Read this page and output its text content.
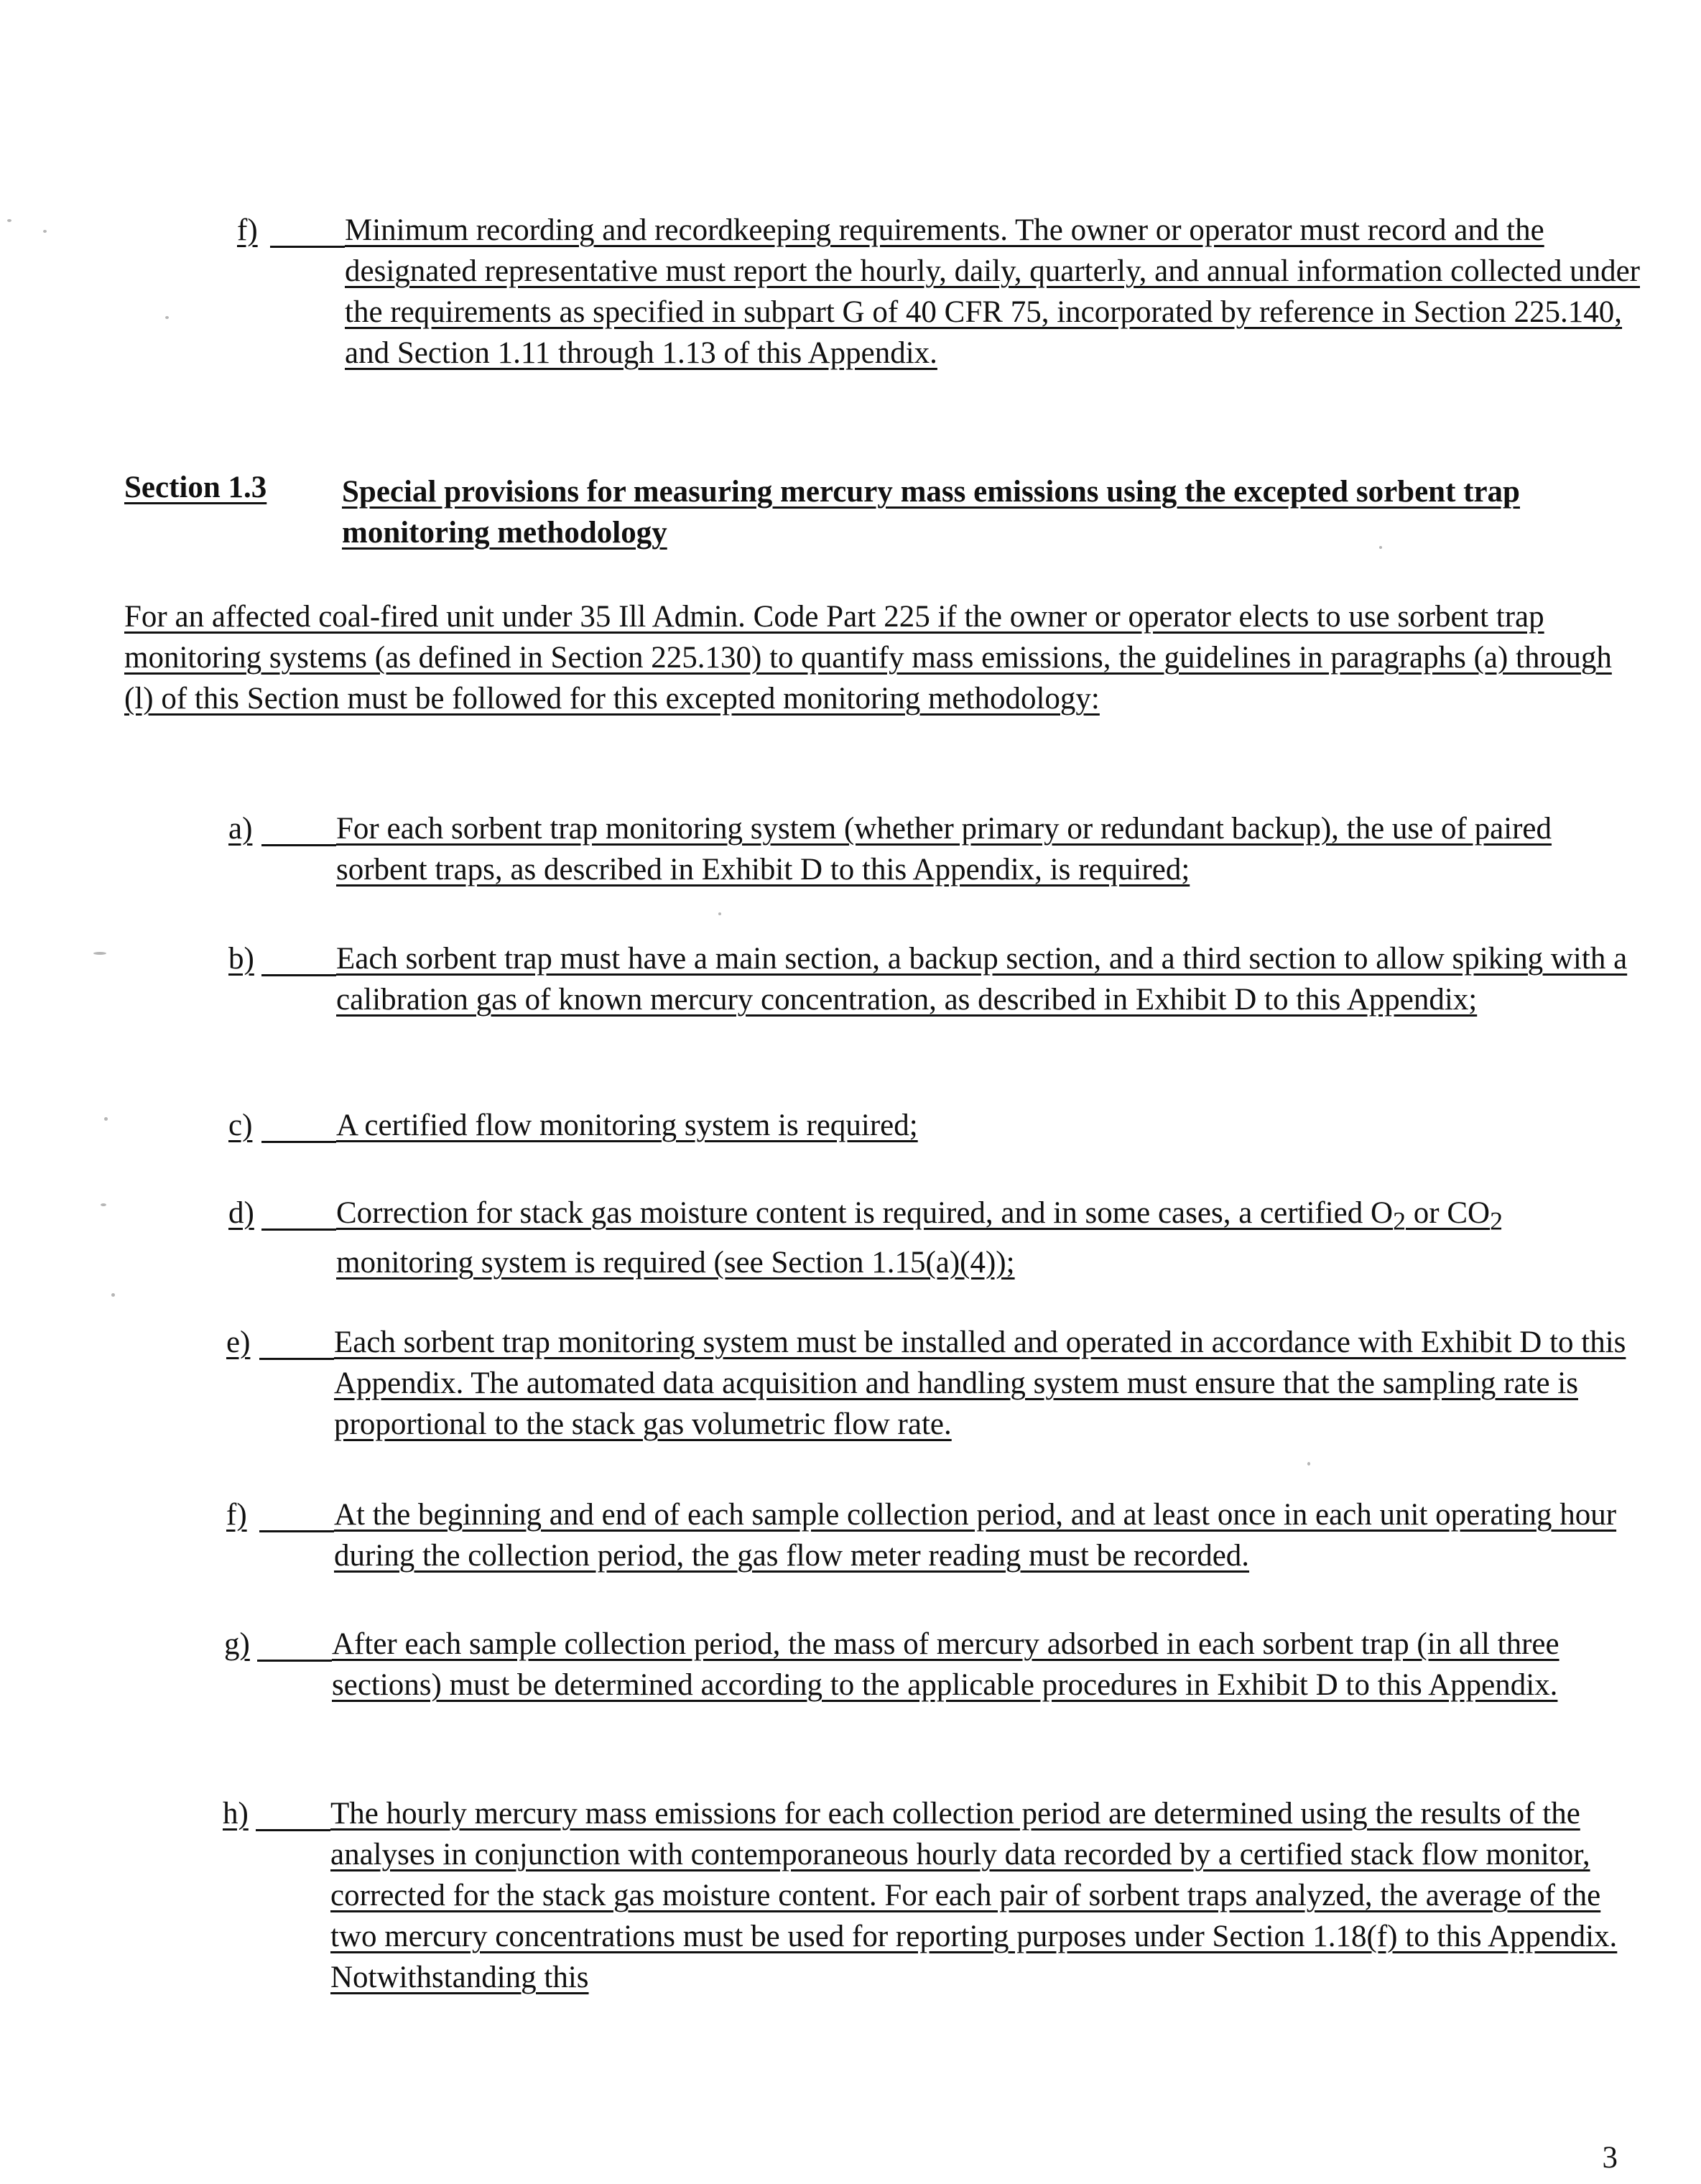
f)	Minimum recording and recordkeeping requirements. The owner or operator must record and the designated representative must report the hourly, daily, quarterly, and annual information collected under the requirements as specified in subpart G of 40 CFR 75, incorporated by reference in Section 225.140, and Section 1.11 through 1.13 of this Appendix.
Section 1.3 Special provisions for measuring mercury mass emissions using the excepted sorbent trap monitoring methodology
For an affected coal-fired unit under 35 Ill Admin. Code Part 225 if the owner or operator elects to use sorbent trap monitoring systems (as defined in Section 225.130) to quantify mass emissions, the guidelines in paragraphs (a) through (l) of this Section must be followed for this excepted monitoring methodology:
a)	For each sorbent trap monitoring system (whether primary or redundant backup), the use of paired sorbent traps, as described in Exhibit D to this Appendix, is required;
b)	Each sorbent trap must have a main section, a backup section, and a third section to allow spiking with a calibration gas of known mercury concentration, as described in Exhibit D to this Appendix;
c)	A certified flow monitoring system is required;
d)	Correction for stack gas moisture content is required, and in some cases, a certified $O_2$ or $CO_2$ monitoring system is required (see Section 1.15(a)(4));
e)	Each sorbent trap monitoring system must be installed and operated in accordance with Exhibit D to this Appendix. The automated data acquisition and handling system must ensure that the sampling rate is proportional to the stack gas volumetric flow rate.
f)	At the beginning and end of each sample collection period, and at least once in each unit operating hour during the collection period, the gas flow meter reading must be recorded.
g)	After each sample collection period, the mass of mercury adsorbed in each sorbent trap (in all three sections) must be determined according to the applicable procedures in Exhibit D to this Appendix.
h)	The hourly mercury mass emissions for each collection period are determined using the results of the analyses in conjunction with contemporaneous hourly data recorded by a certified stack flow monitor, corrected for the stack gas moisture content. For each pair of sorbent traps analyzed, the average of the two mercury concentrations must be used for reporting purposes under Section 1.18(f) to this Appendix. Notwithstanding this
3
